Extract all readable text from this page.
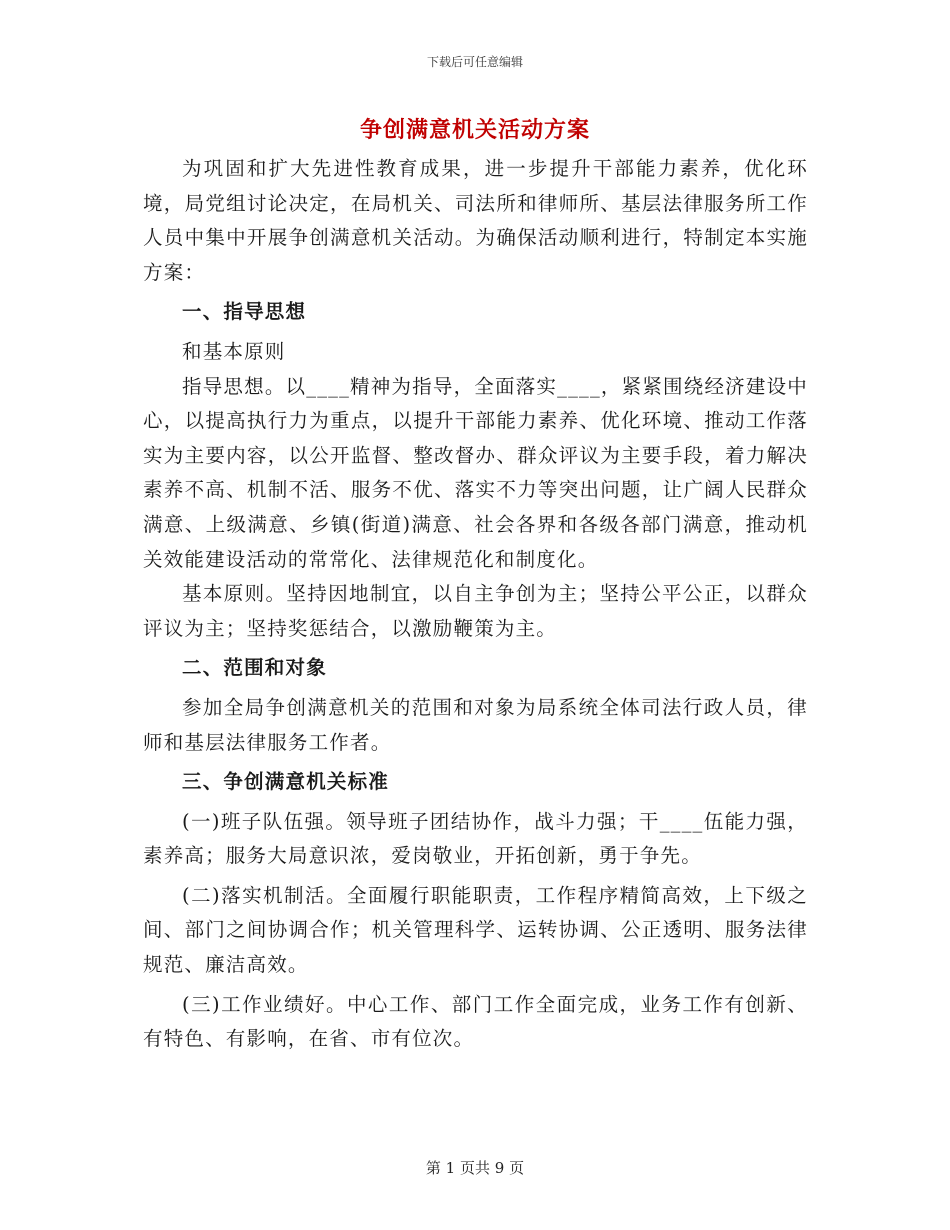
下载后可任意编辑
争创满意机关活动方案

为巩固和扩大先进性教育成果，进一步提升干部能力素养，优化环境，局党组讨论决定，在局机关、司法所和律师所、基层法律服务所工作人员中集中开展争创满意机关活动。为确保活动顺利进行，特制定本实施方案：

一、指导思想

和基本原则

指导思想。以____精神为指导，全面落实____，紧紧围绕经济建设中心，以提高执行力为重点，以提升干部能力素养、优化环境、推动工作落实为主要内容，以公开监督、整改督办、群众评议为主要手段，着力解决素养不高、机制不活、服务不优、落实不力等突出问题，让广阔人民群众满意、上级满意、乡镇(街道)满意、社会各界和各级各部门满意，推动机关效能建设活动的常常化、法律规范化和制度化。

基本原则。坚持因地制宜，以自主争创为主；坚持公平公正，以群众评议为主；坚持奖惩结合，以激励鞭策为主。

二、范围和对象

参加全局争创满意机关的范围和对象为局系统全体司法行政人员，律师和基层法律服务工作者。

三、争创满意机关标准

(一)班子队伍强。领导班子团结协作，战斗力强；干____伍能力强，素养高；服务大局意识浓，爱岗敬业，开拓创新，勇于争先。

(二)落实机制活。全面履行职能职责，工作程序精简高效，上下级之间、部门之间协调合作；机关管理科学、运转协调、公正透明、服务法律规范、廉洁高效。

(三)工作业绩好。中心工作、部门工作全面完成，业务工作有创新、有特色、有影响，在省、市有位次。

第 1 页共 9 页
